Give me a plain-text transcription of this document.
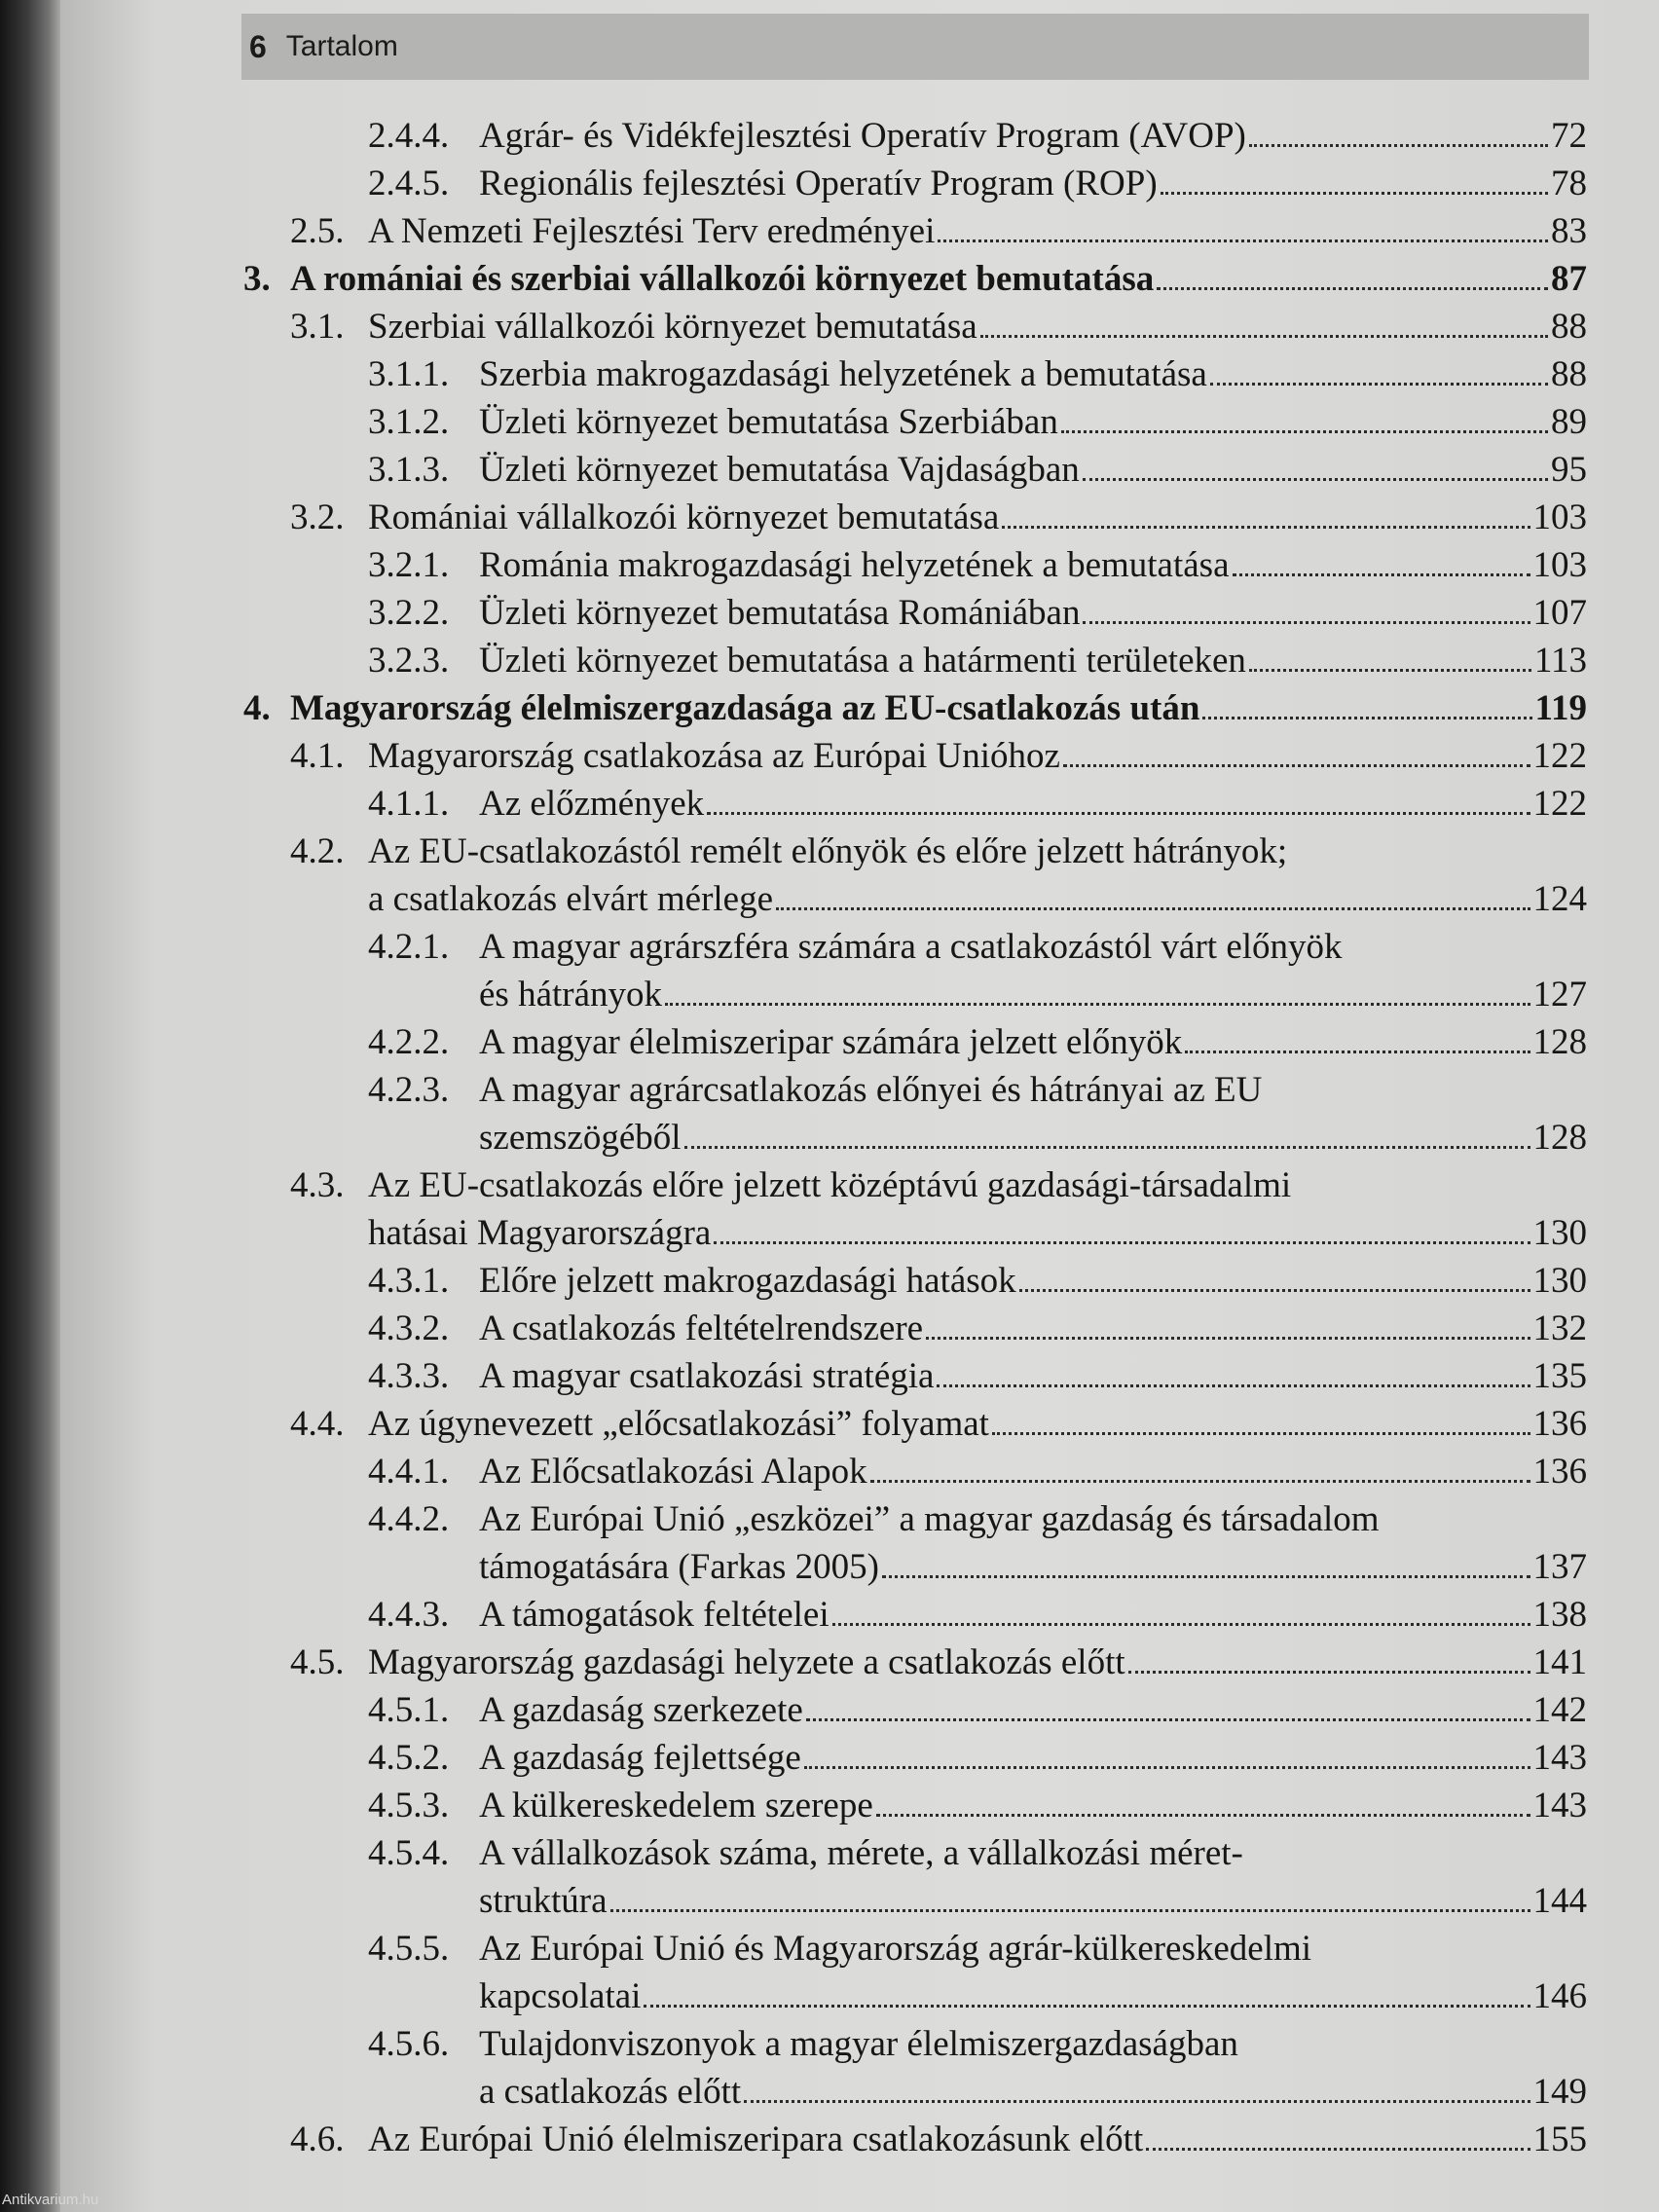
6 Tartalom
2.4.4. Agrár- és Vidékfejlesztési Operatív Program (AVOP)	72
2.4.5. Regionális fejlesztési Operatív Program (ROP)	78
2.5. A Nemzeti Fejlesztési Terv eredményei	83
3. A romániai és szerbiai vállalkozói környezet bemutatása	87
3.1. Szerbiai vállalkozói környezet bemutatása	88
3.1.1. Szerbia makrogazdasági helyzetének a bemutatása	88
3.1.2. Üzleti környezet bemutatása Szerbiában	89
3.1.3. Üzleti környezet bemutatása Vajdaságban	95
3.2. Romániai vállalkozói környezet bemutatása	103
3.2.1. Románia makrogazdasági helyzetének a bemutatása	103
3.2.2. Üzleti környezet bemutatása Romániában	107
3.2.3. Üzleti környezet bemutatása a határmenti területeken	113
4. Magyarország élelmiszergazdasága az EU-csatlakozás után	119
4.1. Magyarország csatlakozása az Európai Unióhoz	122
4.1.1. Az előzmények	122
4.2. Az EU-csatlakozástól remélt előnyök és előre jelzett hátrányok;
a csatlakozás elvárt mérlege	124
4.2.1. A magyar agrárszféra számára a csatlakozástól várt előnyök
és hátrányok	127
4.2.2. A magyar élelmiszeripar számára jelzett előnyök	128
4.2.3. A magyar agrárcsatlakozás előnyei és hátrányai az EU
szemszögéből	128
4.3. Az EU-csatlakozás előre jelzett középtávú gazdasági-társadalmi
hatásai Magyarországra	130
4.3.1. Előre jelzett makrogazdasági hatások	130
4.3.2. A csatlakozás feltételrendszere	132
4.3.3. A magyar csatlakozási stratégia	135
4.4. Az úgynevezett „előcsatlakozási” folyamat	136
4.4.1. Az Előcsatlakozási Alapok	136
4.4.2. Az Európai Unió „eszközei” a magyar gazdaság és társadalom
támogatására (Farkas 2005)	137
4.4.3. A támogatások feltételei	138
4.5. Magyarország gazdasági helyzete a csatlakozás előtt	141
4.5.1. A gazdaság szerkezete	142
4.5.2. A gazdaság fejlettsége	143
4.5.3. A külkereskedelem szerepe	143
4.5.4. A vállalkozások száma, mérete, a vállalkozási méret-
struktúra	144
4.5.5. Az Európai Unió és Magyarország agrár-külkereskedelmi
kapcsolatai	146
4.5.6. Tulajdonviszonyok a magyar élelmiszergazdaságban
a csatlakozás előtt	149
4.6. Az Európai Unió élelmiszeripara csatlakozásunk előtt	155
Antikvarium.hu
